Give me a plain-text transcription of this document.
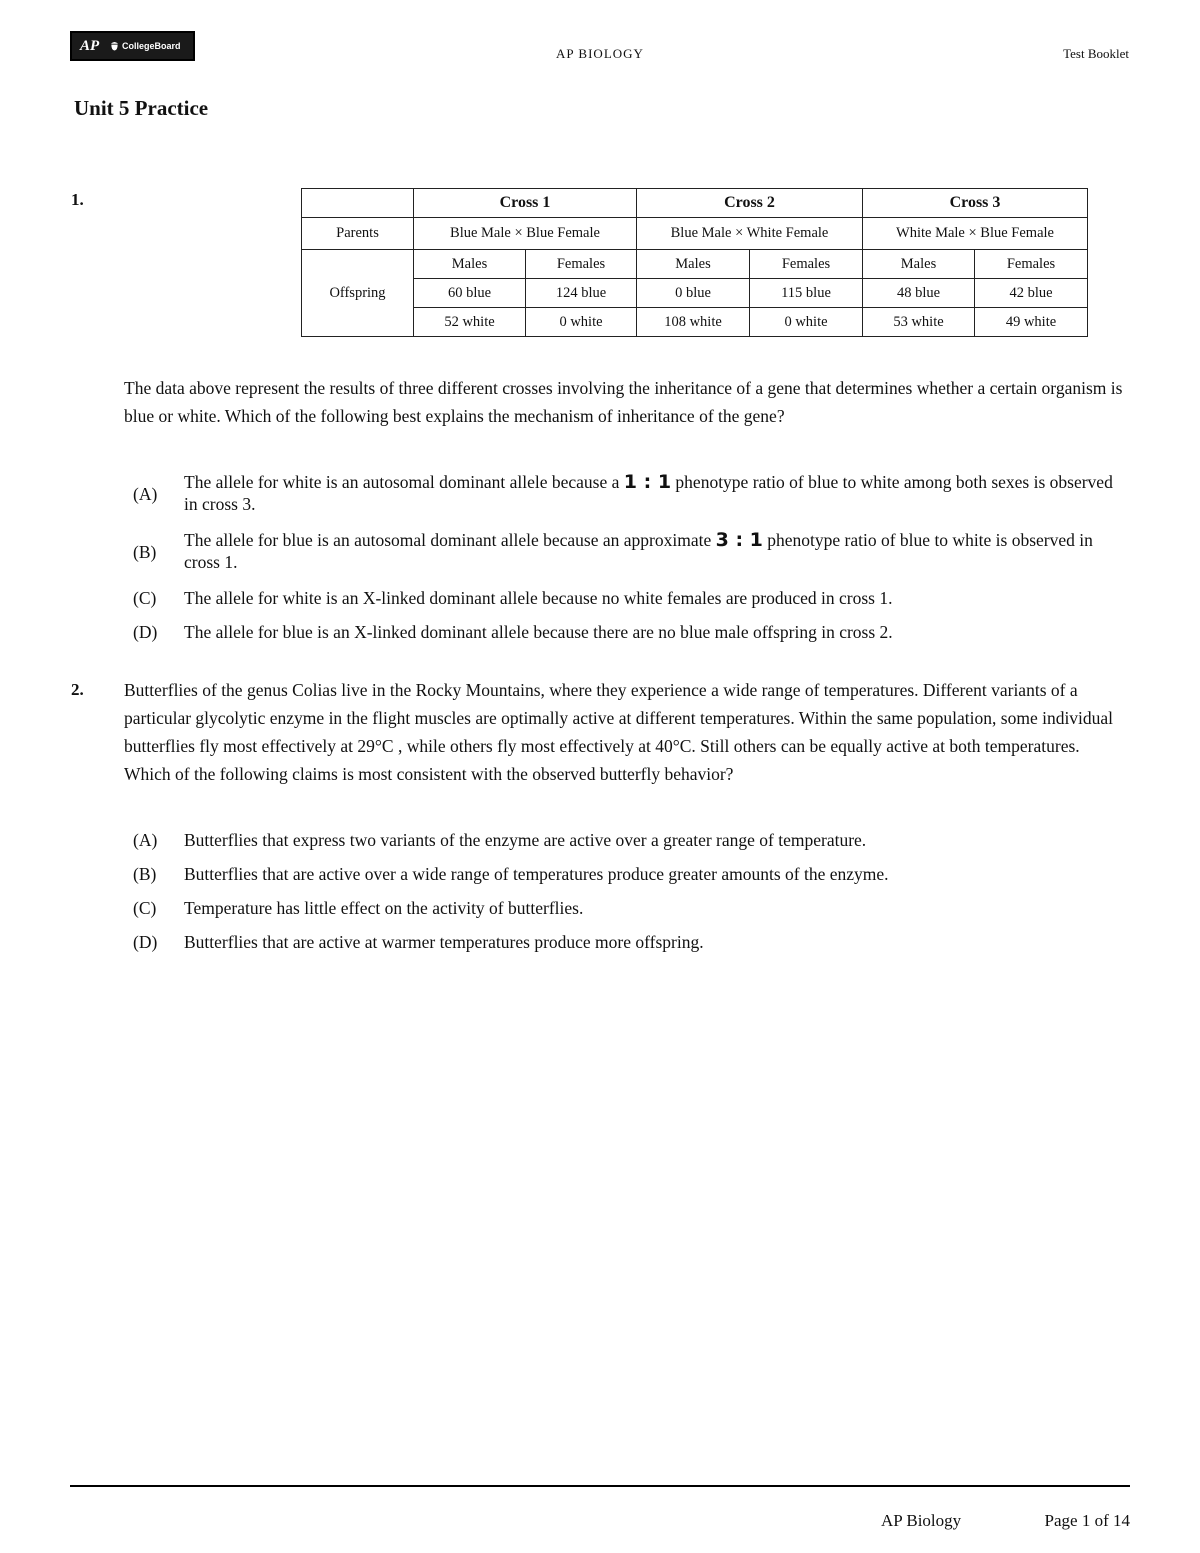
AP	CollegeBoard	AP BIOLOGY	Test Booklet
Unit 5 Practice
1.
		Cross 1		Cross 2		Cross 3	
Parents	Blue Male × Blue Female		Blue Male × White Female		White Male × Blue Female	
Offspring	Males	Females	Males	Females	Males	Females
	60 blue	124 blue	0 blue	115 blue	48 blue	42 blue
	52 white	0 white	108 white	0 white	53 white	49 white
The data above represent the results of three different crosses involving the inheritance of a gene that determines whether a certain organism is blue or white. Which of the following best explains the mechanism of inheritance of the gene?
(A)
The allele for white is an autosomal dominant allele because a 1 : 1 phenotype ratio of blue to white among both sexes is observed in cross 3.
(B)
The allele for blue is an autosomal dominant allele because an approximate 3 : 1 phenotype ratio of blue to white is observed in cross 1.
(C) The allele for white is an X-linked dominant allele because no white females are produced in cross 1.
(D) The allele for blue is an X-linked dominant allele because there are no blue male offspring in cross 2.
2. Butterflies of the genus Colias live in the Rocky Mountains, where they experience a wide range of temperatures. Different variants of a particular glycolytic enzyme in the flight muscles are optimally active at different temperatures. Within the same population, some individual butterflies fly most effectively at 29°C , while others fly most effectively at 40°C. Still others can be equally active at both temperatures. Which of the following claims is most consistent with the observed butterfly behavior?
(A) Butterflies that express two variants of the enzyme are active over a greater range of temperature.
(B) Butterflies that are active over a wide range of temperatures produce greater amounts of the enzyme.
(C) Temperature has little effect on the activity of butterflies.
(D) Butterflies that are active at warmer temperatures produce more offspring.
AP Biology	Page 1 of 14
